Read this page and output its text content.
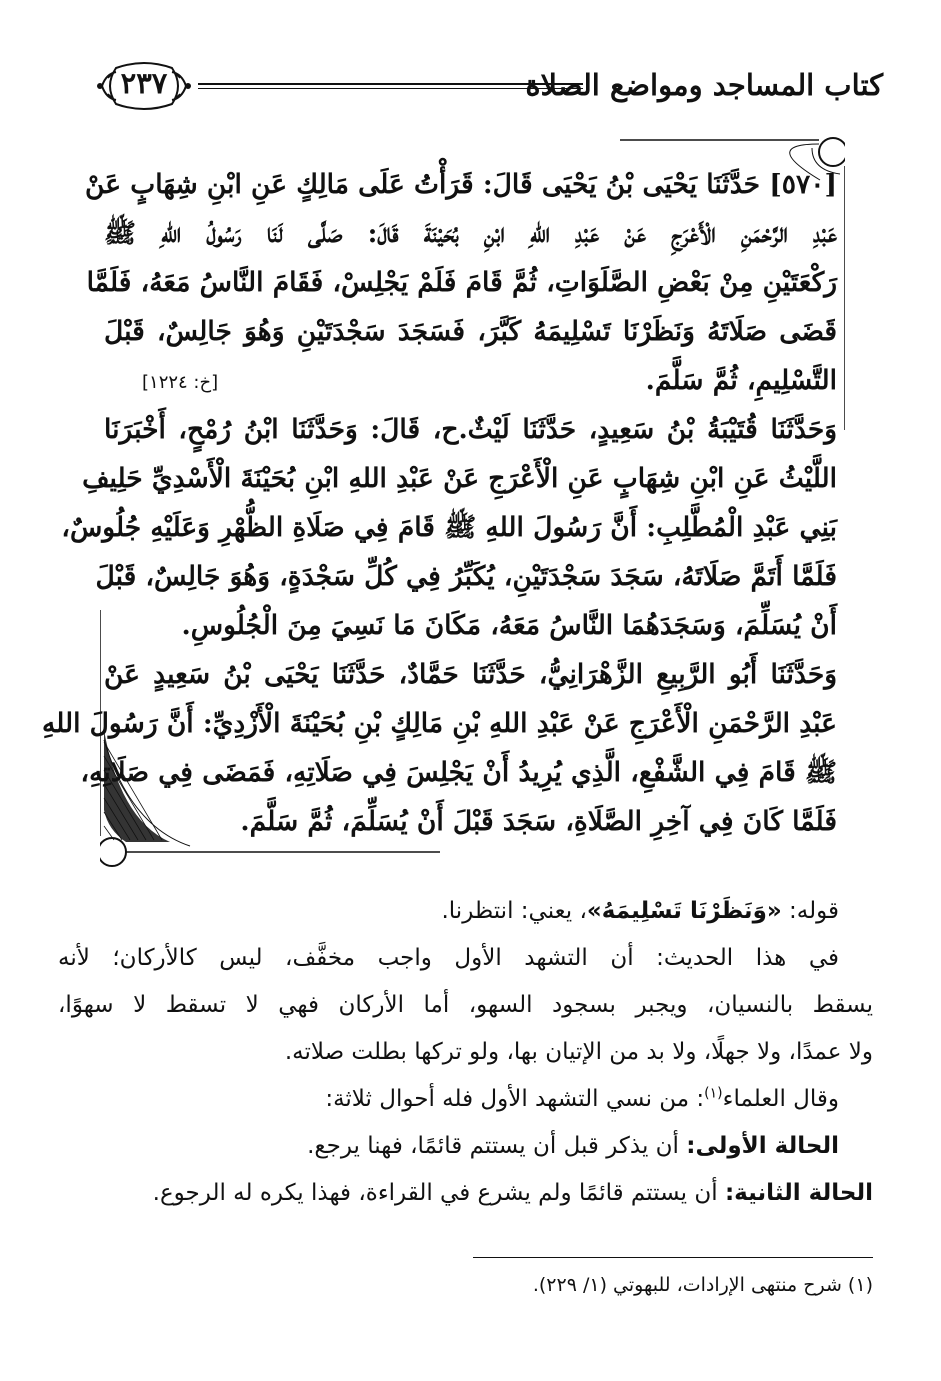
كتاب المساجد ومواضع الصلاة
٢٣٧
[٥٧٠] حَدَّثَنَا يَحْيَى بْنُ يَحْيَى قَالَ: قَرَأْتُ عَلَى مَالِكٍ عَنِ ابْنِ شِهَابٍ عَنْ
عَبْدِ الرَّحْمَنِ الْأَعْرَجِ عَنْ عَبْدِ اللهِ ابْنِ بُحَيْنَةَ قَالَ: صَلَّى لَنَا رَسُولُ اللهِ ﷺ
رَكْعَتَيْنِ مِنْ بَعْضِ الصَّلَوَاتِ، ثُمَّ قَامَ فَلَمْ يَجْلِسْ، فَقَامَ النَّاسُ مَعَهُ، فَلَمَّا
قَضَى صَلَاتَهُ وَنَظَرْنَا تَسْلِيمَهُ كَبَّرَ، فَسَجَدَ سَجْدَتَيْنِ وَهُوَ جَالِسٌ، قَبْلَ
التَّسْلِيمِ، ثُمَّ سَلَّمَ.
[خ: ١٢٢٤]
وَحَدَّثَنَا قُتَيْبَةُ بْنُ سَعِيدٍ، حَدَّثَنَا لَيْثٌ.ح، قَالَ: وَحَدَّثَنَا ابْنُ رُمْحٍ، أَخْبَرَنَا
اللَّيْثُ عَنِ ابْنِ شِهَابٍ عَنِ الْأَعْرَجِ عَنْ عَبْدِ اللهِ ابْنِ بُحَيْنَةَ الْأَسْدِيِّ حَلِيفِ
بَنِي عَبْدِ الْمُطَّلِبِ: أَنَّ رَسُولَ اللهِ ﷺ قَامَ فِي صَلَاةِ الظُّهْرِ وَعَلَيْهِ جُلُوسٌ،
فَلَمَّا أَتَمَّ صَلَاتَهُ، سَجَدَ سَجْدَتَيْنِ، يُكَبِّرُ فِي كُلِّ سَجْدَةٍ، وَهُوَ جَالِسٌ، قَبْلَ
أَنْ يُسَلِّمَ، وَسَجَدَهُمَا النَّاسُ مَعَهُ، مَكَانَ مَا نَسِيَ مِنَ الْجُلُوسِ.
وَحَدَّثَنَا أَبُو الرَّبِيعِ الزَّهْرَانِيُّ، حَدَّثَنَا حَمَّادٌ، حَدَّثَنَا يَحْيَى بْنُ سَعِيدٍ عَنْ
عَبْدِ الرَّحْمَنِ الْأَعْرَجِ عَنْ عَبْدِ اللهِ بْنِ مَالِكٍ بْنِ بُحَيْنَةَ الْأَزْدِيِّ: أَنَّ رَسُولَ اللهِ
ﷺ قَامَ فِي الشَّفْعِ، الَّذِي يُرِيدُ أَنْ يَجْلِسَ فِي صَلَاتِهِ، فَمَضَى فِي صَلَاتِهِ،
فَلَمَّا كَانَ فِي آخِرِ الصَّلَاةِ، سَجَدَ قَبْلَ أَنْ يُسَلِّمَ، ثُمَّ سَلَّمَ.
قوله: «وَنَظَرْنَا تَسْلِيمَهُ»، يعني: انتظرنا.
في هذا الحديث: أن التشهد الأول واجب مخفَّف، ليس كالأركان؛ لأنه
يسقط بالنسيان، ويجبر بسجود السهو، أما الأركان فهي لا تسقط لا سهوًا،
ولا عمدًا، ولا جهلًا، ولا بد من الإتيان بها، ولو تركها بطلت صلاته.
وقال العلماء$^{(١)}$: من نسي التشهد الأول فله أحوال ثلاثة:
الحالة الأولى: أن يذكر قبل أن يستتم قائمًا، فهنا يرجع.
الحالة الثانية: أن يستتم قائمًا ولم يشرع في القراءة، فهذا يكره له الرجوع.
(١) شرح منتهى الإرادات، للبهوتي (١/ ٢٢٩).
